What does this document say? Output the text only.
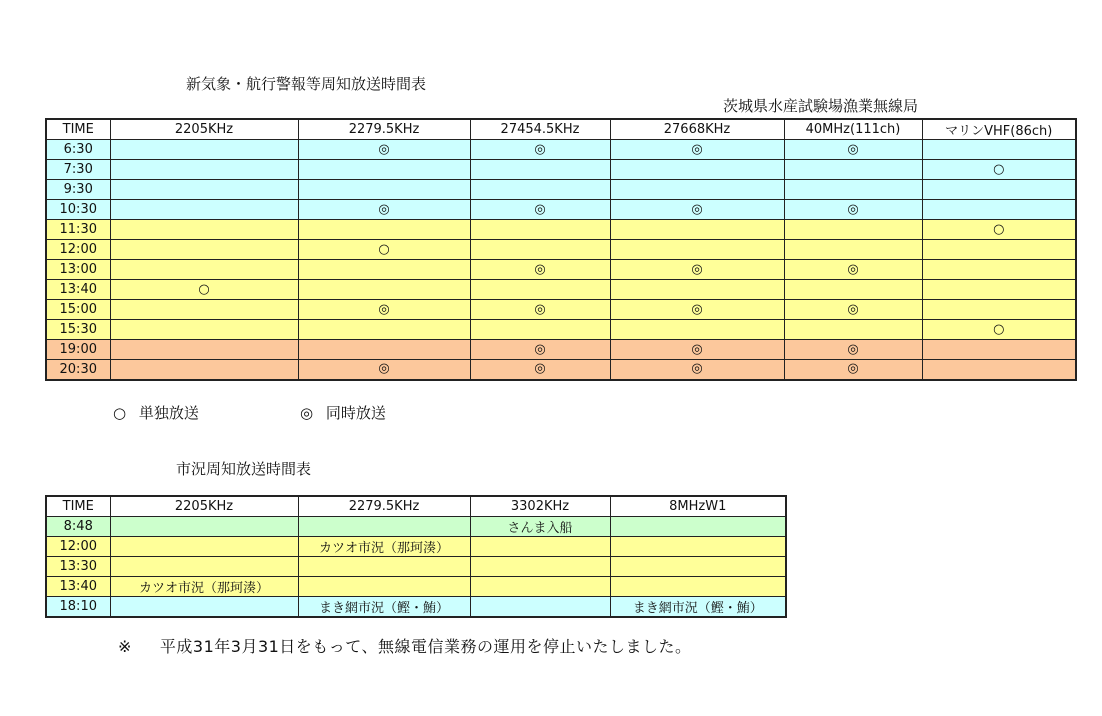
新気象・航行警報等周知放送時間表
茨城県水産試験場漁業無線局
TIME	2205KHz	2279.5KHz	27454.5KHz	27668KHz	40MHz(111ch)	マリンVHF(86ch)
6:30		◎	◎	◎	◎	
7:30						○
9:30						
10:30		◎	◎	◎	◎	
11:30						○
12:00		○				
13:00			◎	◎	◎	
13:40	○					
15:00		◎	◎	◎	◎	
15:30						○
19:00			◎	◎	◎	
20:30		◎	◎	◎	◎	
○ 単独放送	◎ 同時放送
市況周知放送時間表
TIME	2205KHz	2279.5KHz	3302KHz	8MHzW1
8:48			さんま入船	
12:00		カツオ市況（那珂湊）		
13:30				
13:40	カツオ市況（那珂湊）			
18:10		まき網市況（鰹・鮪）		まき網市況（鰹・鮪）
※ 平成31年3月31日をもって、無線電信業務の運用を停止いたしました。
